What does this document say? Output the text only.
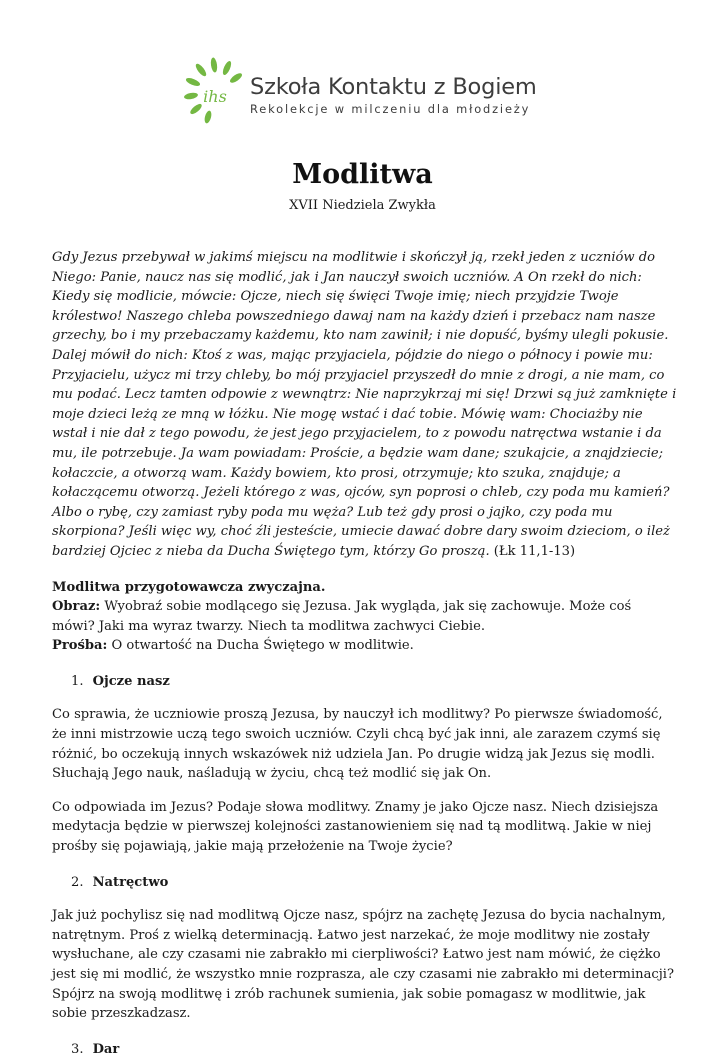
ihs Szkoła Kontaktu z Bogiem
Rekolekcje w milczeniu dla młodzieży
Modlitwa
XVII Niedziela Zwykła

Gdy Jezus przebywał w jakimś miejscu na modlitwie i skończył ją, rzekł jeden z uczniów do Niego: Panie, naucz nas się modlić, jak i Jan nauczył swoich uczniów. A On rzekł do nich: Kiedy się modlicie, mówcie: Ojcze, niech się święci Twoje imię; niech przyjdzie Twoje królestwo! Naszego chleba powszedniego dawaj nam na każdy dzień i przebacz nam nasze grzechy, bo i my przebaczamy każdemu, kto nam zawinił; i nie dopuść, byśmy ulegli pokusie. Dalej mówił do nich: Ktoś z was, mając przyjaciela, pójdzie do niego o północy i powie mu: Przyjacielu, użycz mi trzy chleby, bo mój przyjaciel przyszedł do mnie z drogi, a nie mam, co mu podać. Lecz tamten odpowie z wewnątrz: Nie naprzykrzaj mi się! Drzwi są już zamknięte i moje dzieci leżą ze mną w łóżku. Nie mogę wstać i dać tobie. Mówię wam: Chociażby nie wstał i nie dał z tego powodu, że jest jego przyjacielem, to z powodu natręctwa wstanie i da mu, ile potrzebuje. Ja wam powiadam: Proście, a będzie wam dane; szukajcie, a znajdziecie; kołaczcie, a otworzą wam. Każdy bowiem, kto prosi, otrzymuje; kto szuka, znajduje; a kołaczącemu otworzą. Jeżeli którego z was, ojców, syn poprosi o chleb, czy poda mu kamień? Albo o rybę, czy zamiast ryby poda mu węża? Lub też gdy prosi o jajko, czy poda mu skorpiona? Jeśli więc wy, choć źli jesteście, umiecie dawać dobre dary swoim dzieciom, o ileż bardziej Ojciec z nieba da Ducha Świętego tym, którzy Go proszą. (Łk 11,1-13)

Modlitwa przygotowawcza zwyczajna.
Obraz: Wyobraź sobie modlącego się Jezusa. Jak wygląda, jak się zachowuje. Może coś mówi? Jaki ma wyraz twarzy. Niech ta modlitwa zachwyci Ciebie.
Prośba: O otwartość na Ducha Świętego w modlitwie.

1. Ojcze nasz

Co sprawia, że uczniowie proszą Jezusa, by nauczył ich modlitwy? Po pierwsze świadomość, że inni mistrzowie uczą tego swoich uczniów. Czyli chcą być jak inni, ale zarazem czymś się różnić, bo oczekują innych wskazówek niż udziela Jan. Po drugie widzą jak Jezus się modli. Słuchają Jego nauk, naśladują w życiu, chcą też modlić się jak On.

Co odpowiada im Jezus? Podaje słowa modlitwy. Znamy je jako Ojcze nasz. Niech dzisiejsza medytacja będzie w pierwszej kolejności zastanowieniem się nad tą modlitwą. Jakie w niej prośby się pojawiają, jakie mają przełożenie na Twoje życie?

2. Natręctwo

Jak już pochylisz się nad modlitwą Ojcze nasz, spójrz na zachętę Jezusa do bycia nachalnym, natrętnym. Proś z wielką determinacją. Łatwo jest narzekać, że moje modlitwy nie zostały wysłuchane, ale czy czasami nie zabrakło mi cierpliwości? Łatwo jest nam mówić, że ciężko jest się mi modlić, że wszystko mnie rozprasza, ale czy czasami nie zabrakło mi determinacji? Spójrz na swoją modlitwę i zrób rachunek sumienia, jak sobie pomagasz w modlitwie, jak sobie przeszkadzasz.

3. Dar
